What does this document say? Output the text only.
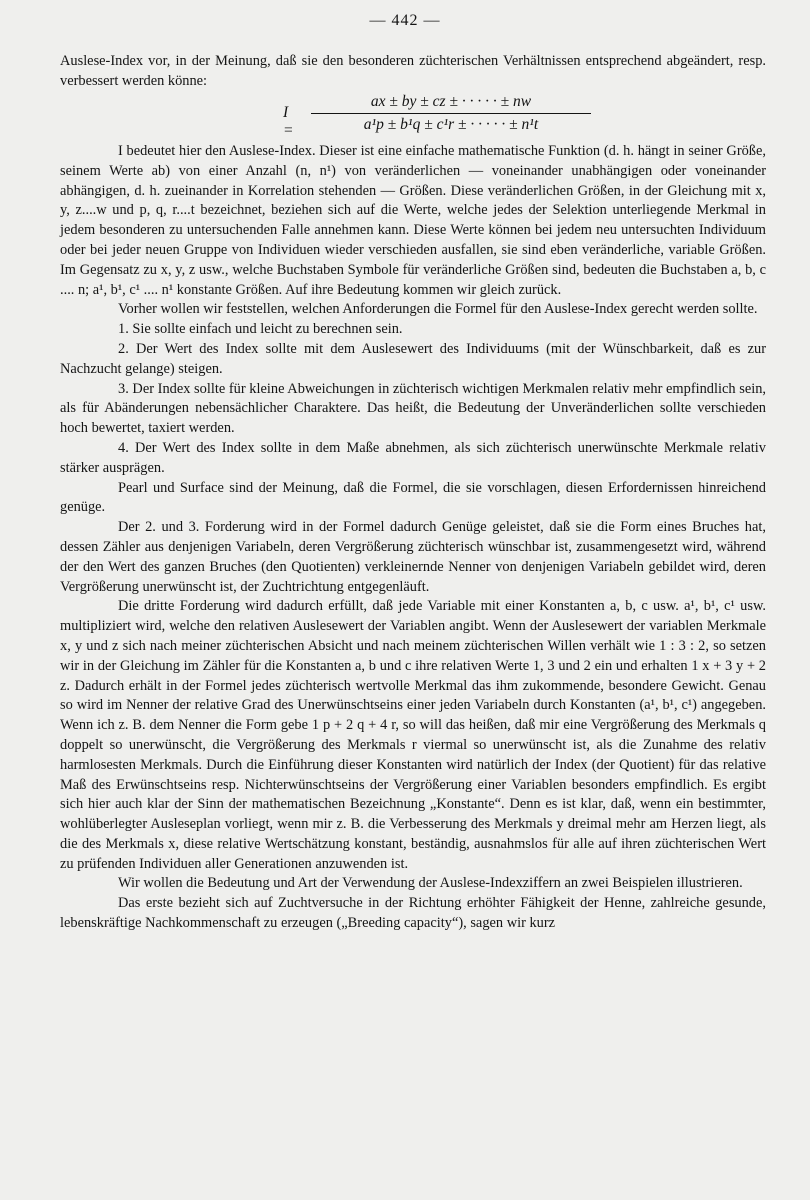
— 442 —

Auslese-Index vor, in der Meinung, daß sie den besonderen züchterischen Verhältnissen entsprechend abgeändert, resp. verbessert werden könne:

I =
ax ± by ± cz ± · · · · · ± nw
a¹p ± b¹q ± c¹r ± · · · · · ± n¹t

I bedeutet hier den Auslese-Index. Dieser ist eine einfache mathematische Funktion (d. h. hängt in seiner Größe, seinem Werte ab) von einer Anzahl (n, n¹) von veränderlichen — voneinander unabhängigen oder voneinander abhängigen, d. h. zueinander in Korrelation stehenden — Größen. Diese veränderlichen Größen, in der Gleichung mit x, y, z....w und p, q, r....t bezeichnet, beziehen sich auf die Werte, welche jedes der Selektion unterliegende Merkmal in jedem besonderen zu untersuchenden Falle annehmen kann. Diese Werte können bei jedem neu untersuchten Individuum oder bei jeder neuen Gruppe von Individuen wieder verschieden ausfallen, sie sind eben veränderliche, variable Größen. Im Gegensatz zu x, y, z usw., welche Buchstaben Symbole für veränderliche Größen sind, bedeuten die Buchstaben a, b, c .... n; a¹, b¹, c¹ .... n¹ konstante Größen. Auf ihre Bedeutung kommen wir gleich zurück.

Vorher wollen wir feststellen, welchen Anforderungen die Formel für den Auslese-Index gerecht werden sollte.

1. Sie sollte einfach und leicht zu berechnen sein.

2. Der Wert des Index sollte mit dem Auslesewert des Individuums (mit der Wünschbarkeit, daß es zur Nachzucht gelange) steigen.

3. Der Index sollte für kleine Abweichungen in züchterisch wichtigen Merkmalen relativ mehr empfindlich sein, als für Abänderungen nebensächlicher Charaktere. Das heißt, die Bedeutung der Unveränderlichen sollte verschieden hoch bewertet, taxiert werden.

4. Der Wert des Index sollte in dem Maße abnehmen, als sich züchterisch unerwünschte Merkmale relativ stärker ausprägen.

Pearl und Surface sind der Meinung, daß die Formel, die sie vorschlagen, diesen Erfordernissen hinreichend genüge.

Der 2. und 3. Forderung wird in der Formel dadurch Genüge geleistet, daß sie die Form eines Bruches hat, dessen Zähler aus denjenigen Variabeln, deren Vergrößerung züchterisch wünschbar ist, zusammengesetzt wird, während der den Wert des ganzen Bruches (den Quotienten) verkleinernde Nenner von denjenigen Variabeln gebildet wird, deren Vergrößerung unerwünscht ist, der Zuchtrichtung entgegenläuft.

Die dritte Forderung wird dadurch erfüllt, daß jede Variable mit einer Konstanten a, b, c usw. a¹, b¹, c¹ usw. multipliziert wird, welche den relativen Auslesewert der Variablen angibt. Wenn der Auslesewert der variablen Merkmale x, y und z sich nach meiner züchterischen Absicht und nach meinem züchterischen Willen verhält wie 1 : 3 : 2, so setzen wir in der Gleichung im Zähler für die Konstanten a, b und c ihre relativen Werte 1, 3 und 2 ein und erhalten 1 x + 3 y + 2 z. Dadurch erhält in der Formel jedes züchterisch wertvolle Merkmal das ihm zukommende, besondere Gewicht. Genau so wird im Nenner der relative Grad des Unerwünschtseins einer jeden Variabeln durch Konstanten (a¹, b¹, c¹) angegeben. Wenn ich z. B. dem Nenner die Form gebe 1 p + 2 q + 4 r, so will das heißen, daß mir eine Vergrößerung des Merkmals q doppelt so unerwünscht, die Vergrößerung des Merkmals r viermal so unerwünscht ist, als die Zunahme des relativ harmlosesten Merkmals. Durch die Einführung dieser Konstanten wird natürlich der Index (der Quotient) für das relative Maß des Erwünschtseins resp. Nichterwünschtseins der Vergrößerung einer Variablen besonders empfindlich. Es ergibt sich hier auch klar der Sinn der mathematischen Bezeichnung „Konstante“. Denn es ist klar, daß, wenn ein bestimmter, wohlüberlegter Ausleseplan vorliegt, wenn mir z. B. die Verbesserung des Merkmals y dreimal mehr am Herzen liegt, als die des Merkmals x, diese relative Wertschätzung konstant, beständig, ausnahmslos für alle auf ihren züchterischen Wert zu prüfenden Individuen aller Generationen anzuwenden ist.

Wir wollen die Bedeutung und Art der Verwendung der Auslese-Indexziffern an zwei Beispielen illustrieren.

Das erste bezieht sich auf Zuchtversuche in der Richtung erhöhter Fähigkeit der Henne, zahlreiche gesunde, lebenskräftige Nachkommenschaft zu erzeugen („Breeding capacity“), sagen wir kurz
